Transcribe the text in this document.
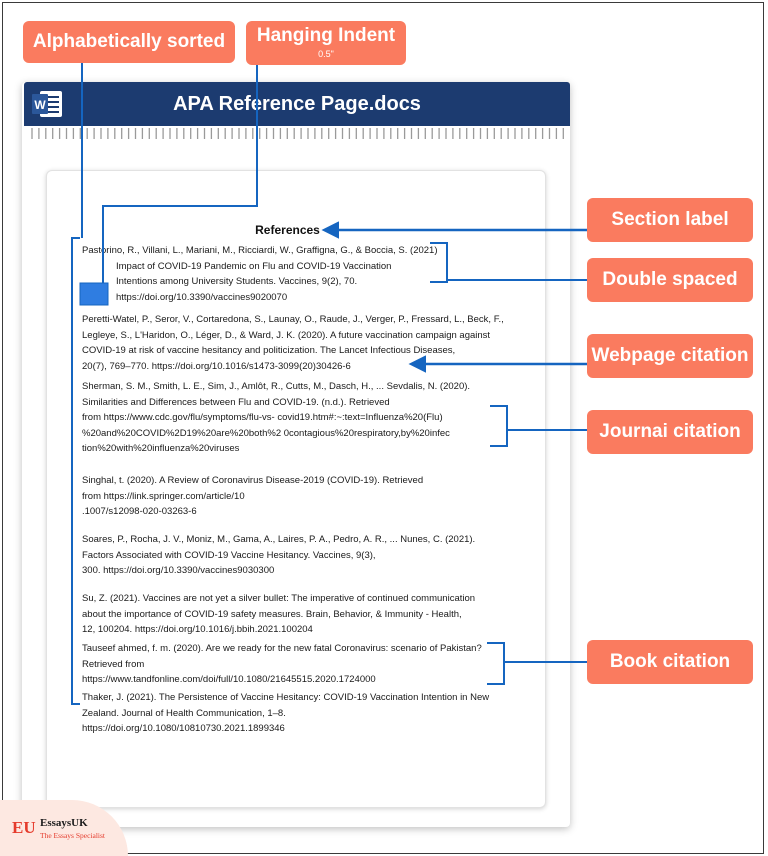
W	APA Reference Page.docs
Alphabetically sorted	Hanging Indent
0.5"
Section label
Double spaced
Webpage citation
Journai citation
Book citation
References
Pastorino, R., Villani, L., Mariani, M., Ricciardi, W., Graffigna, G., & Boccia, S. (2021)
Impact of COVID-19 Pandemic on Flu and COVID-19 Vaccination
Intentions among University Students. Vaccines, 9(2), 70.
https://doi.org/10.3390/vaccines9020070
Peretti-Watel, P., Seror, V., Cortaredona, S., Launay, O., Raude, J., Verger, P., Fressard, L., Beck, F.,
Legleye, S., L'Haridon, O., Léger, D., & Ward, J. K. (2020). A future vaccination campaign against
COVID-19 at risk of vaccine hesitancy and politicization. The Lancet Infectious Diseases,
20(7), 769–770. https://doi.org/10.1016/s1473-3099(20)30426-6
Sherman, S. M., Smith, L. E., Sim, J., Amlôt, R., Cutts, M., Dasch, H., ... Sevdalis, N. (2020).
Similarities and Differences between Flu and COVID-19. (n.d.). Retrieved
from https://www.cdc.gov/flu/symptoms/flu-vs- covid19.htm#:~:text=Influenza%20(Flu)
%20and%20COVID%2D19%20are%20both%2 0contagious%20respiratory,by%20infec
tion%20with%20influenza%20viruses
Singhal, t. (2020). A Review of Coronavirus Disease-2019 (COVID-19). Retrieved
from https://link.springer.com/article/10
.1007/s12098-020-03263-6
Soares, P., Rocha, J. V., Moniz, M., Gama, A., Laires, P. A., Pedro, A. R., ... Nunes, C. (2021).
Factors Associated with COVID-19 Vaccine Hesitancy. Vaccines, 9(3),
300. https://doi.org/10.3390/vaccines9030300
Su, Z. (2021). Vaccines are not yet a silver bullet: The imperative of continued communication
about the importance of COVID-19 safety measures. Brain, Behavior, & Immunity - Health,
12, 100204. https://doi.org/10.1016/j.bbih.2021.100204
Tauseef ahmed, f. m. (2020). Are we ready for the new fatal Coronavirus: scenario of Pakistan?
Retrieved from
https://www.tandfonline.com/doi/full/10.1080/21645515.2020.1724000
Thaker, J. (2021). The Persistence of Vaccine Hesitancy: COVID-19 Vaccination Intention in New
Zealand. Journal of Health Communication, 1–8.
https://doi.org/10.1080/10810730.2021.1899346
EU EssaysUK
The Essays Specialist
